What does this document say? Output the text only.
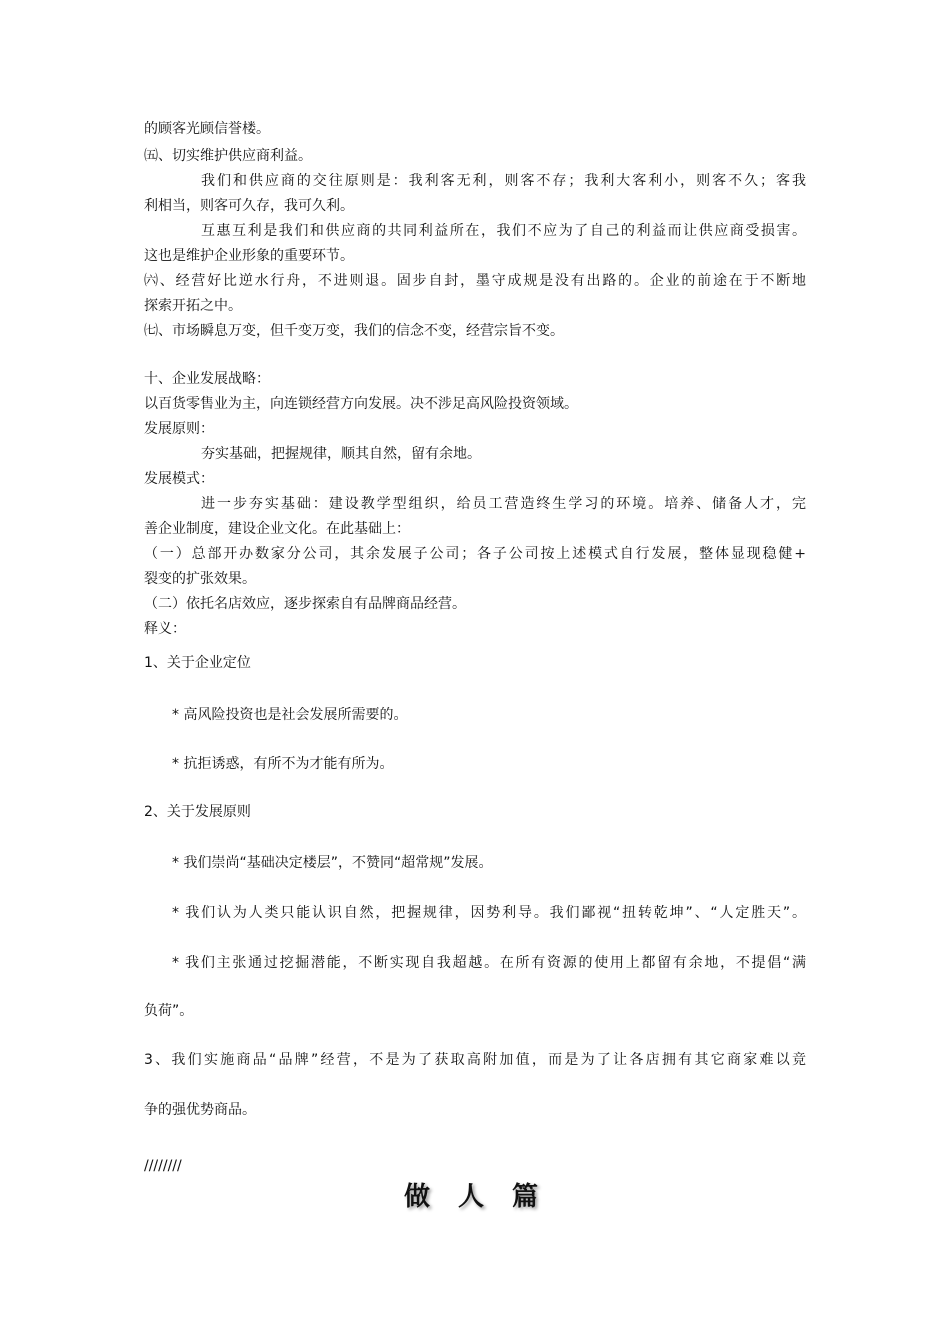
的顾客光顾信誉楼。
㈤、切实维护供应商利益。
我们和供应商的交往原则是：我利客无利，则客不存；我利大客利小，则客不久；客我
利相当，则客可久存，我可久利。
互惠互利是我们和供应商的共同利益所在，我们不应为了自己的利益而让供应商受损害。
这也是维护企业形象的重要环节。
㈥、经营好比逆水行舟，不进则退。固步自封，墨守成规是没有出路的。企业的前途在于不断地
探索开拓之中。
㈦、市场瞬息万变，但千变万变，我们的信念不变，经营宗旨不变。
十、企业发展战略：
以百货零售业为主，向连锁经营方向发展。决不涉足高风险投资领域。
发展原则：
夯实基础，把握规律，顺其自然，留有余地。
发展模式：
进一步夯实基础：建设教学型组织，给员工营造终生学习的环境。培养、储备人才，完
善企业制度，建设企业文化。在此基础上：
（一）总部开办数家分公司，其余发展子公司；各子公司按上述模式自行发展，整体显现稳健+
裂变的扩张效果。
（二）依托名店效应，逐步探索自有品牌商品经营。
释义：
1、关于企业定位
* 高风险投资也是社会发展所需要的。
* 抗拒诱惑，有所不为才能有所为。
2、关于发展原则
* 我们崇尚“基础决定楼层”，不赞同“超常规”发展。
* 我们认为人类只能认识自然，把握规律，因势利导。我们鄙视“扭转乾坤”、“人定胜天”。
* 我们主张通过挖掘潜能，不断实现自我超越。在所有资源的使用上都留有余地，不提倡“满
负荷”。
3、我们实施商品“品牌”经营，不是为了获取高附加值，而是为了让各店拥有其它商家难以竞
争的强优势商品。
////////
做人篇
